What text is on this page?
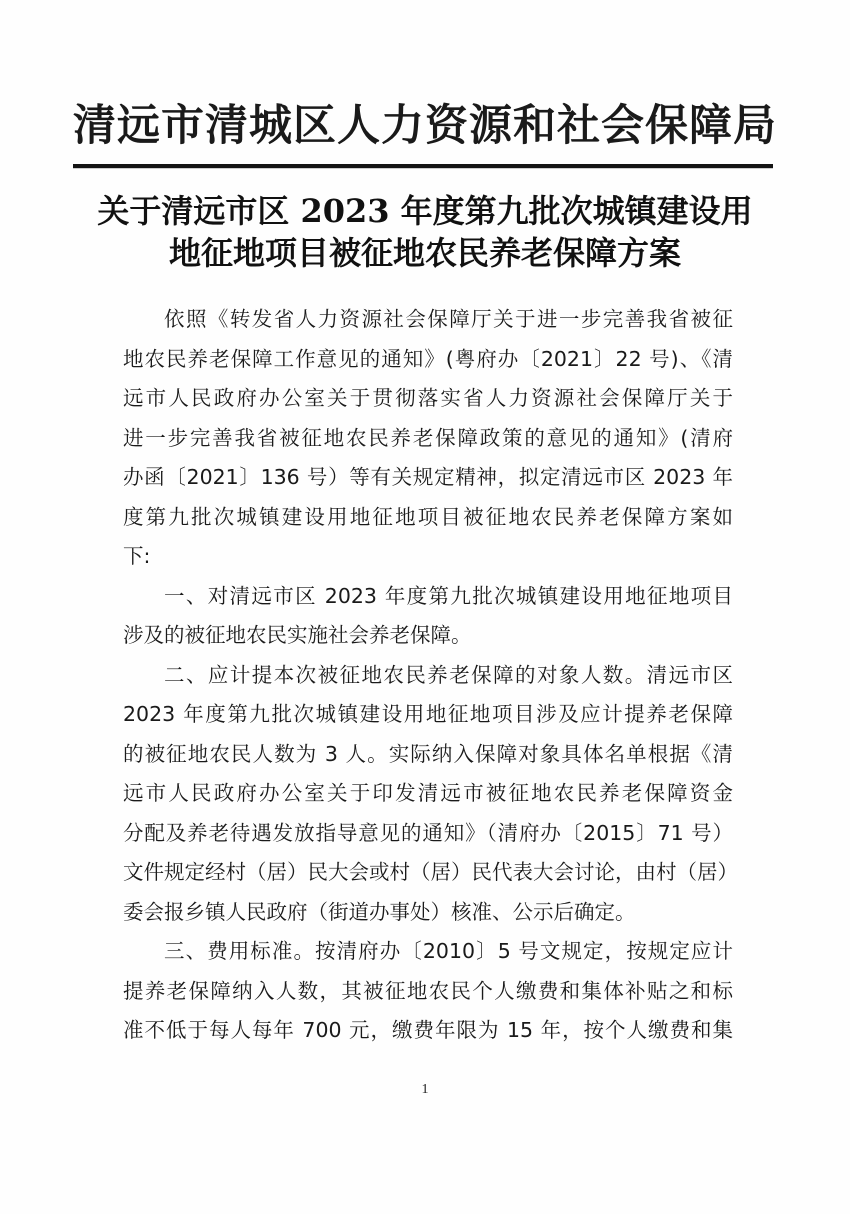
清远市清城区人力资源和社会保障局
关于清远市区 2023 年度第九批次城镇建设用
地征地项目被征地农民养老保障方案
依照《转发省人力资源社会保障厅关于进一步完善我省被征
地农民养老保障工作意见的通知》(粤府办〔2021〕22 号)、《清
远市人民政府办公室关于贯彻落实省人力资源社会保障厅关于
进一步完善我省被征地农民养老保障政策的意见的通知》(清府
办函〔2021〕136 号）等有关规定精神，拟定清远市区 2023 年
度第九批次城镇建设用地征地项目被征地农民养老保障方案如
下:
一、对清远市区 2023 年度第九批次城镇建设用地征地项目
涉及的被征地农民实施社会养老保障。
二、应计提本次被征地农民养老保障的对象人数。清远市区
2023 年度第九批次城镇建设用地征地项目涉及应计提养老保障
的被征地农民人数为 3 人。实际纳入保障对象具体名单根据《清
远市人民政府办公室关于印发清远市被征地农民养老保障资金
分配及养老待遇发放指导意见的通知》（清府办〔2015〕71 号）
文件规定经村（居）民大会或村（居）民代表大会讨论，由村（居）
委会报乡镇人民政府（街道办事处）核准、公示后确定。
三、费用标准。按清府办〔2010〕5 号文规定，按规定应计
提养老保障纳入人数，其被征地农民个人缴费和集体补贴之和标
准不低于每人每年 700 元，缴费年限为 15 年，按个人缴费和集
1
